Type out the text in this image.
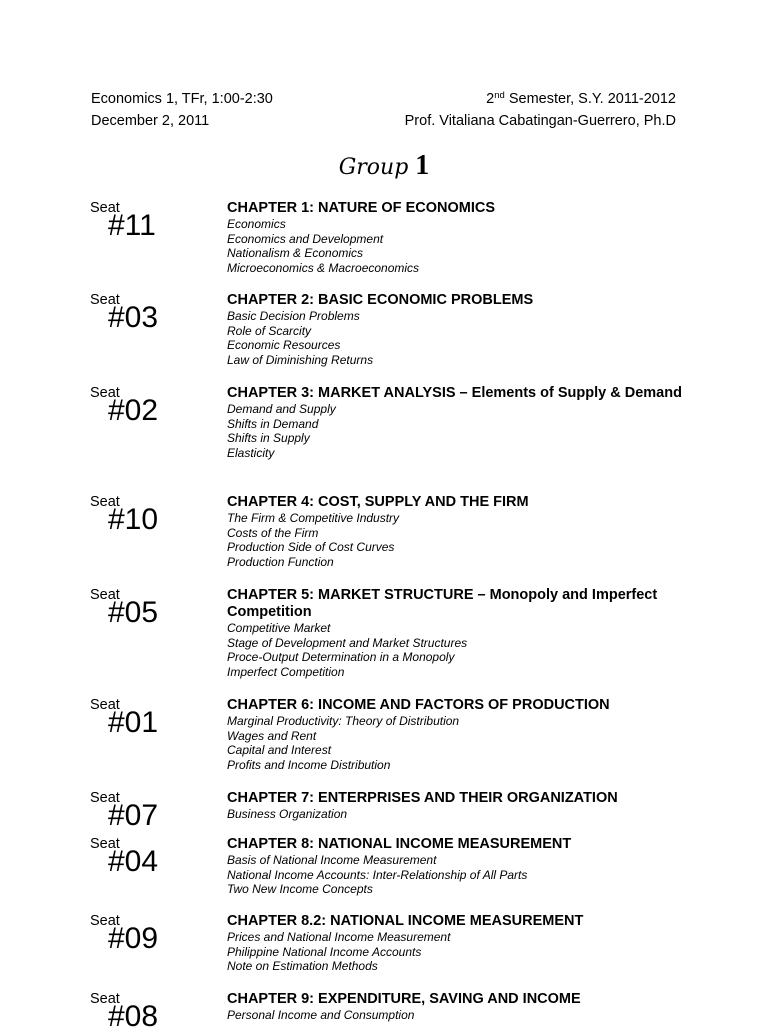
Economics 1, TFr, 1:00-2:30	2nd Semester, S.Y. 2011-2012
December 2, 2011	Prof. Vitaliana Cabatingan-Guerrero, Ph.D
Group 1
Seat
#11
CHAPTER 1: NATURE OF ECONOMICS
Economics
Economics and Development
Nationalism & Economics
Microeconomics & Macroeconomics
Seat
#03
CHAPTER 2: BASIC ECONOMIC PROBLEMS
Basic Decision Problems
Role of Scarcity
Economic Resources
Law of Diminishing Returns
Seat
#02
CHAPTER 3: MARKET ANALYSIS – Elements of Supply & Demand
Demand and Supply
Shifts in Demand
Shifts in Supply
Elasticity
Seat
#10
CHAPTER 4: COST, SUPPLY AND THE FIRM
The Firm & Competitive Industry
Costs of the Firm
Production Side of Cost Curves
Production Function
Seat
#05
CHAPTER 5: MARKET STRUCTURE – Monopoly and Imperfect Competition
Competitive Market
Stage of Development and Market Structures
Proce-Output Determination in a Monopoly
Imperfect Competition
Seat
#01
CHAPTER 6: INCOME AND FACTORS OF PRODUCTION
Marginal Productivity: Theory of Distribution
Wages and Rent
Capital and Interest
Profits and Income Distribution
Seat
#07
CHAPTER 7: ENTERPRISES AND THEIR ORGANIZATION
Business Organization
Seat
#04
CHAPTER 8: NATIONAL INCOME MEASUREMENT
Basis of National Income Measurement
National Income Accounts: Inter-Relationship of All Parts
Two New Income Concepts
Seat
#09
CHAPTER 8.2: NATIONAL INCOME MEASUREMENT
Prices and National Income Measurement
Philippine National Income Accounts
Note on Estimation Methods
Seat
#08
CHAPTER 9: EXPENDITURE, SAVING AND INCOME
Personal Income and Consumption
